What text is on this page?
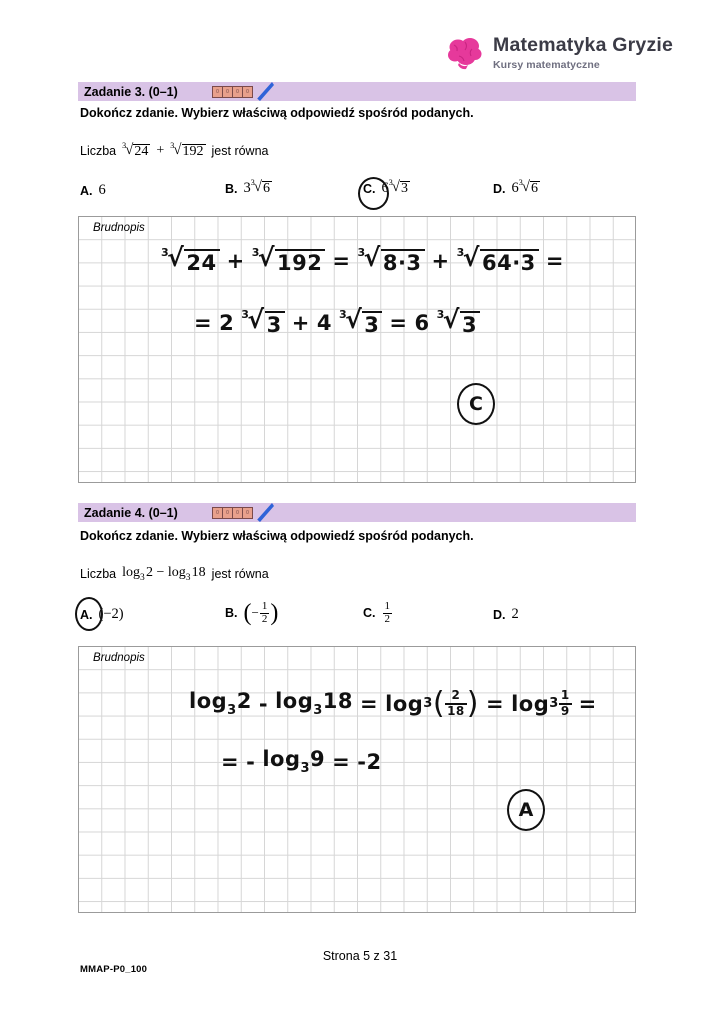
Matematyka Gryzie
Kursy matematyczne
Zadanie 3. (0–1)	0	0	0	0
Dokończ zdanie. Wybierz właściwą odpowiedź spośród podanych.
Liczba 3 √ 24 + 3 √ 192 jest równa
A. 6	B. 3 3 √ 6	C. 6 3 √ 3	D. 6 3 √ 6
Brudnopis
3
√ 24 + 3
√ 192 = 3
√ 8·3 + 3
√ 64·3 =
= 2 3
√ 3 + 4 3
√ 3 = 6 3
√ 3
C
Zadanie 4. (0–1)	0	0	0	0
Dokończ zdanie. Wybierz właściwą odpowiedź spośród podanych.
Liczba $\log_3$ $2 - \log_3$ 18 jest równa
A. (−2)	B. ( − $\frac{1}{2}$ )	C. $\frac{1}{2}$	D. 2
Brudnopis
log32 - log318 = log 3 ( $\frac{2}{18}$ ) = $\log 3 \frac{1}{9}$ =
= - log39 = -2
A
Strona 5 z 31
MMAP-P0_100
